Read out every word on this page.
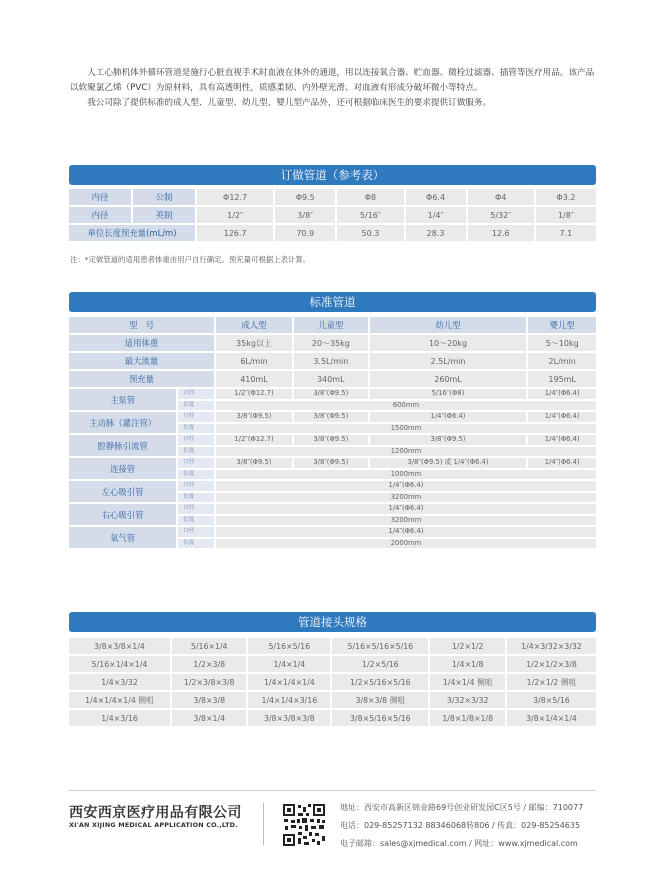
人工心肺机体外循环管道是施行心脏直视手术时血液在体外的通道，用以连接氧合器、贮血器、微栓过滤器、插管等医疗用品。该产品以软聚氯乙烯（PVC）为原材料，具有高透明性，质感柔韧、内外壁光滑、对血液有形成分破坏微小等特点。

我公司除了提供标准的成人型、儿童型、幼儿型、婴儿型产品外，还可根据临床医生的要求提供订做服务。

订做管道（参考表）
内径	公制	Φ12.7	Φ9.5	Φ8	Φ6.4	Φ4	Φ3.2
内径	英制	1/2″	3/8″	5/16″	1/4″	5/32″	1/8″
单位长度预充量(mL/m)		126.7	70.9	50.3	28.3	12.6	7.1
注：*定做管道的适用患者体重由用户自行确定。预充量可根据上表计算。
标准管道
型　号		成人型	儿童型	幼儿型	婴儿型
适用体重		35kg以上	20～35kg	10～20kg	5～10kg
最大流量		6L/min	3.5L/min	2.5L/min	2L/min
预充量		410mL	340mL	260mL	195mL
主泵管	口径	1/2″(Φ12.7)	3/8″(Φ9.5)	5/16″(Φ8)	1/4″(Φ6.4)
	长度	600mm			
主动脉（灌注管）	口径	3/8″(Φ9.5)	3/8″(Φ9.5)	1/4″(Φ6.4)	1/4″(Φ6.4)
	长度	1500mm			
腔静脉引流管	口径	1/2″(Φ12.7)	3/8″(Φ9.5)	3/8″(Φ9.5)	1/4″(Φ6.4)
	长度	1200mm			
连接管	口径	3/8″(Φ9.5)	3/8″(Φ9.5)	3/8″(Φ9.5) 或 1/4″(Φ6.4)	1/4″(Φ6.4)
	长度	1000mm			
左心吸引管	口径	1/4″(Φ6.4)			
	长度	3200mm			
右心吸引管	口径	1/4″(Φ6.4)			
	长度	3200mm			
氧气管	口径	1/4″(Φ6.4)			
	长度	2000mm			
管道接头规格
3/8×3/8×1/4	5/16×1/4	5/16×5/16	5/16×5/16×5/16	1/2×1/2	1/4×3/32×3/32
5/16×1/4×1/4	1/2×3/8	1/4×1/4	1/2×5/16	1/4×1/8	1/2×1/2×3/8
1/4×3/32	1/2×3/8×3/8	1/4×1/4×1/4	1/2×5/16×5/16	1/4×1/4 侧咀	1/2×1/2 侧咀
1/4×1/4×1/4 侧咀	3/8×3/8	1/4×1/4×3/16	3/8×3/8 侧咀	3/32×3/32	3/8×5/16
1/4×3/16	3/8×1/4	3/8×3/8×3/8	3/8×5/16×5/16	1/8×1/8×1/8	3/8×1/4×1/4
西安西京医疗用品有限公司
XI'AN XIJING MEDICAL APPLICATION CO.,LTD.
地址：西安市高新区锦业路69号创业研发园C区5号 / 邮编：710077
电话：029-85257132 88346068转806 / 传真：029-85254635
电子邮箱：sales@xjmedical.com / 网址：www.xjmedical.com
